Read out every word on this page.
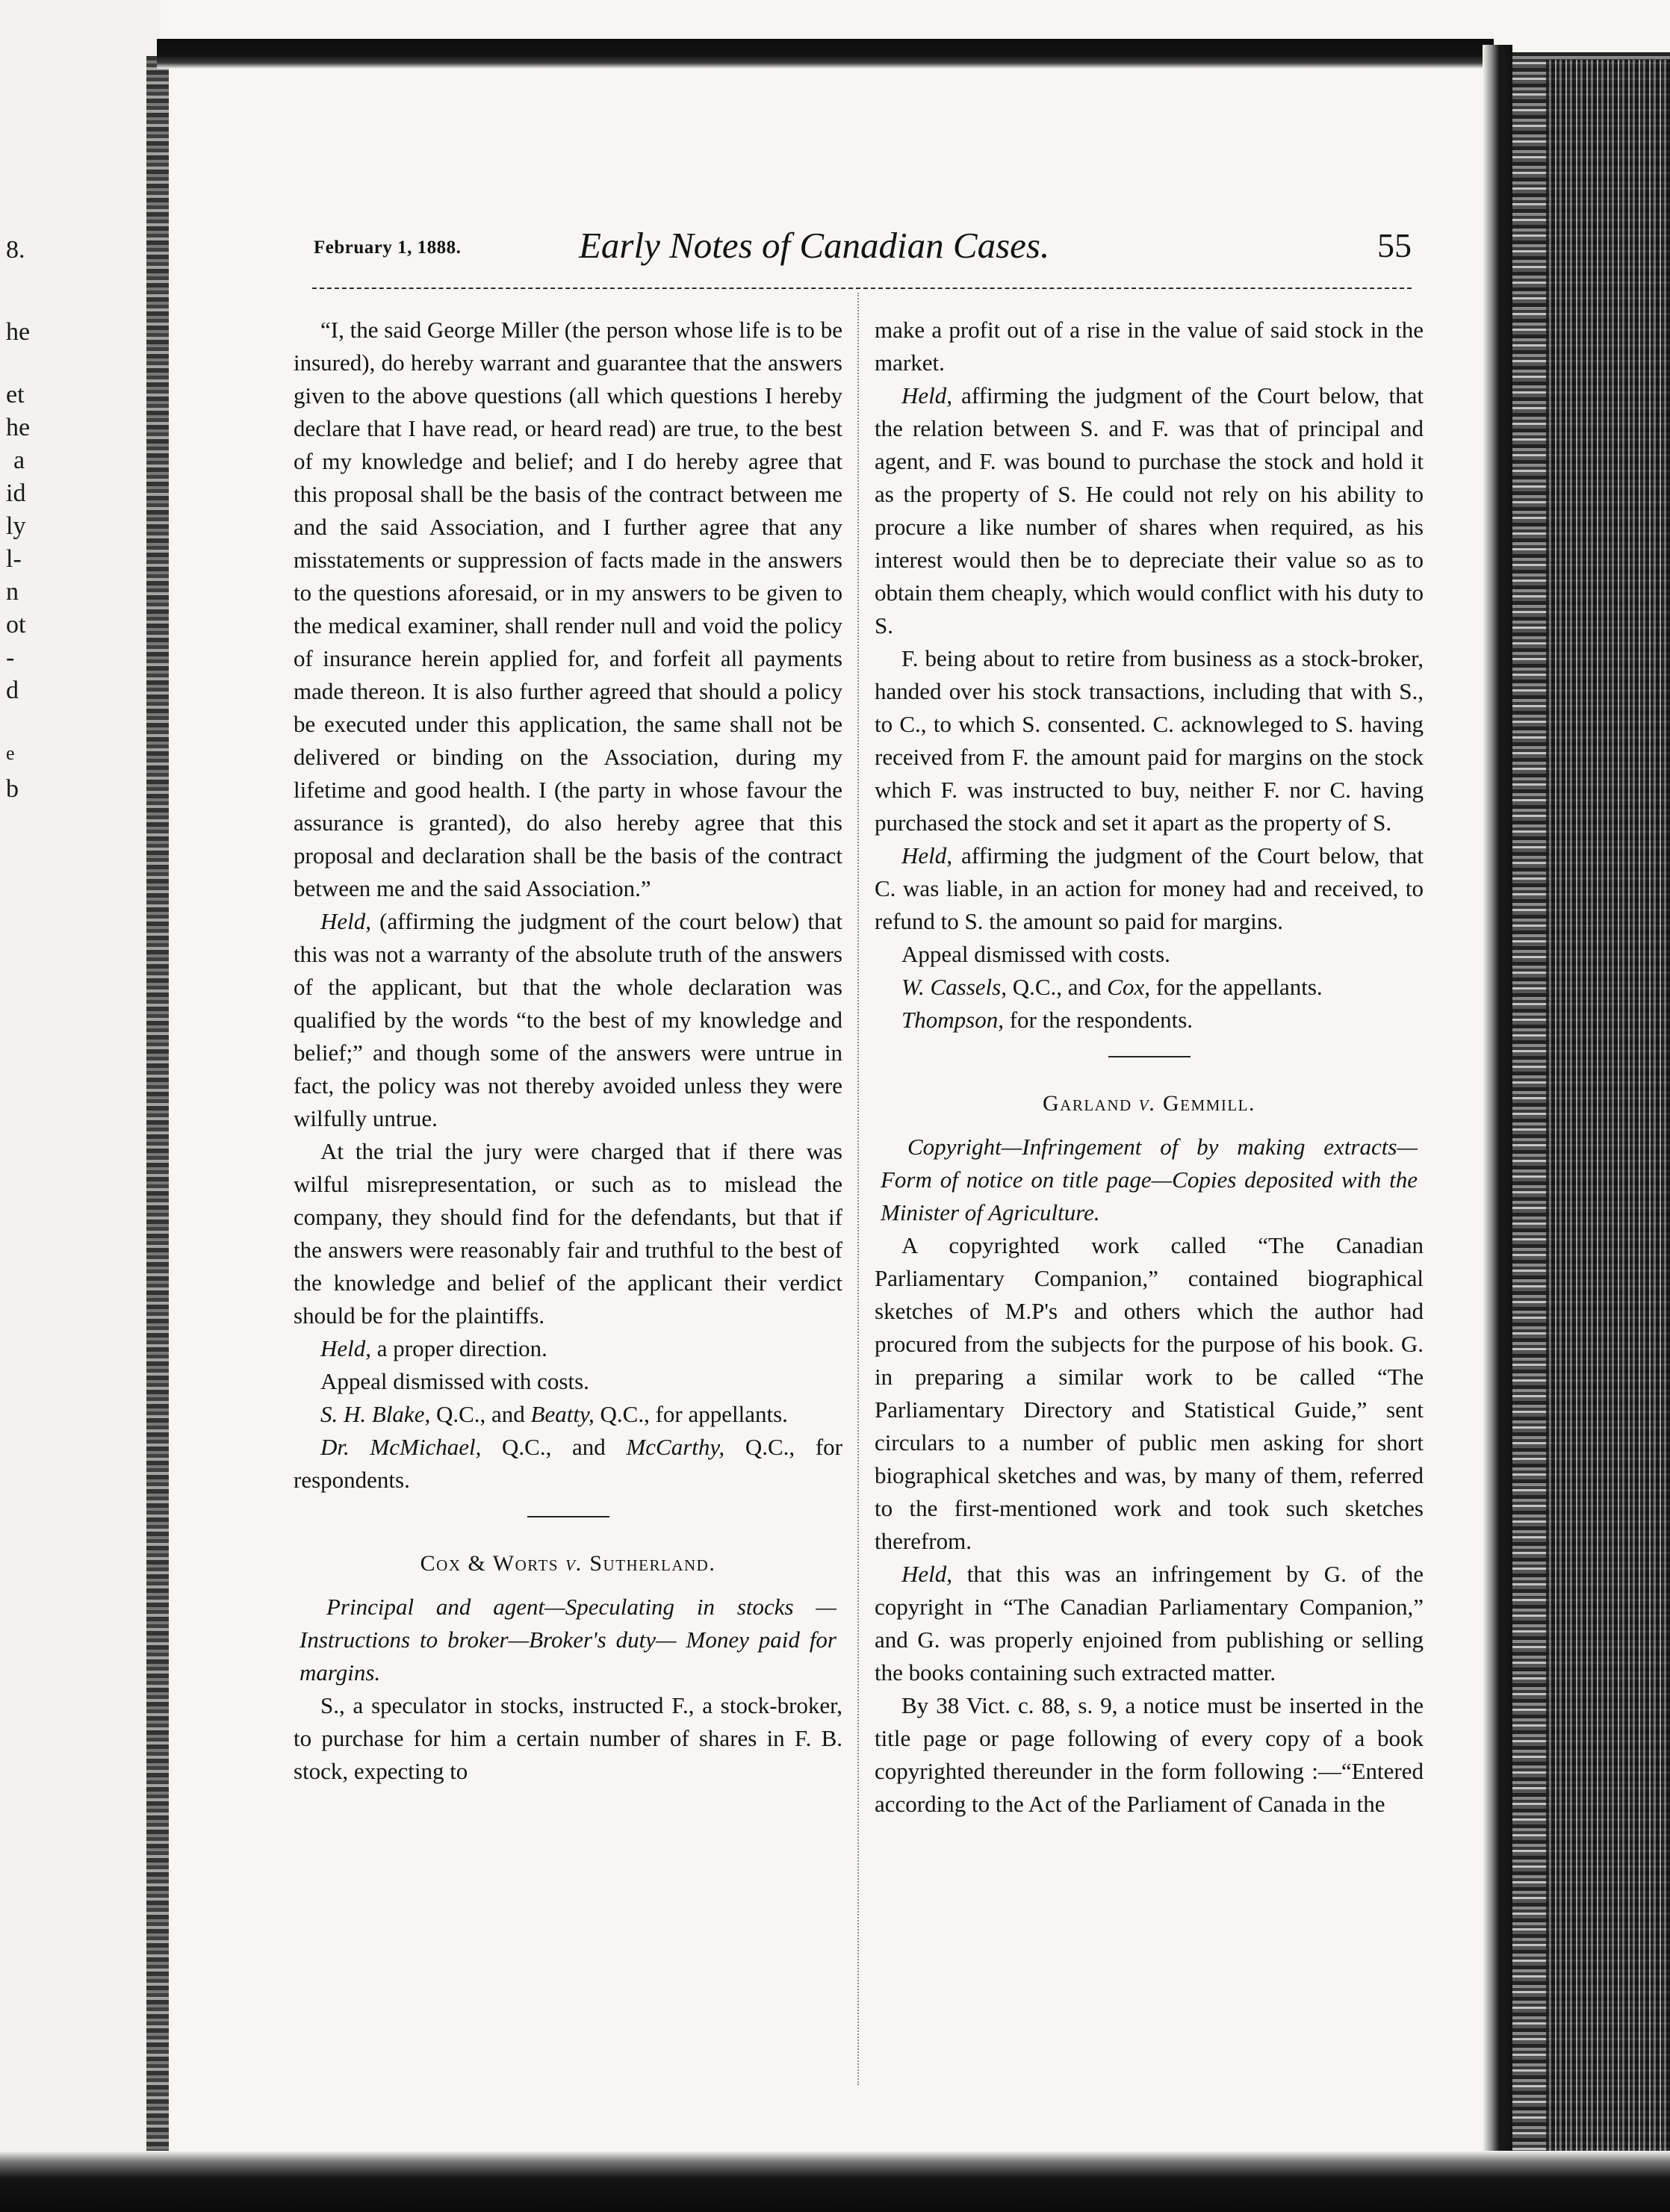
8.
he
et
he
a
id
ly
l-
n
ot
-
d
e
b
February 1, 1888.	Early Notes of Canadian Cases.	55

“I, the said George Miller (the person whose life is to be insured), do hereby warrant and guarantee that the answers given to the above questions (all which questions I hereby declare that I have read, or heard read) are true, to the best of my knowledge and belief; and I do hereby agree that this proposal shall be the basis of the contract between me and the said Association, and I further agree that any misstatements or suppression of facts made in the answers to the questions aforesaid, or in my answers to be given to the medical examiner, shall render null and void the policy of insurance herein applied for, and forfeit all payments made thereon. It is also further agreed that should a policy be executed under this application, the same shall not be delivered or binding on the Association, during my lifetime and good health. I (the party in whose favour the assurance is granted), do also hereby agree that this proposal and declaration shall be the basis of the contract between me and the said Association.”

Held, (affirming the judgment of the court below) that this was not a warranty of the absolute truth of the answers of the applicant, but that the whole declaration was qualified by the words “to the best of my knowledge and belief;” and though some of the answers were untrue in fact, the policy was not thereby avoided unless they were wilfully untrue.

At the trial the jury were charged that if there was wilful misrepresentation, or such as to mislead the company, they should find for the defendants, but that if the answers were reasonably fair and truthful to the best of the knowledge and belief of the applicant their verdict should be for the plaintiffs.

Held, a proper direction.

Appeal dismissed with costs.

S. H. Blake, Q.C., and Beatty, Q.C., for appellants.

Dr. McMichael, Q.C., and McCarthy, Q.C., for respondents.

Cox & Worts v. Sutherland.

Principal and agent—Speculating in stocks —Instructions to broker—Broker's duty— Money paid for margins.

S., a speculator in stocks, instructed F., a stock-broker, to purchase for him a certain number of shares in F. B. stock, expecting to

make a profit out of a rise in the value of said stock in the market.

Held, affirming the judgment of the Court below, that the relation between S. and F. was that of principal and agent, and F. was bound to purchase the stock and hold it as the property of S. He could not rely on his ability to procure a like number of shares when required, as his interest would then be to depreciate their value so as to obtain them cheaply, which would conflict with his duty to S.

F. being about to retire from business as a stock-broker, handed over his stock transactions, including that with S., to C., to which S. consented. C. acknowleged to S. having received from F. the amount paid for margins on the stock which F. was instructed to buy, neither F. nor C. having purchased the stock and set it apart as the property of S.

Held, affirming the judgment of the Court below, that C. was liable, in an action for money had and received, to refund to S. the amount so paid for margins.

Appeal dismissed with costs.

W. Cassels, Q.C., and Cox, for the appellants.

Thompson, for the respondents.

Garland v. Gemmill.

Copyright—Infringement of by making extracts—Form of notice on title page—Copies deposited with the Minister of Agriculture.

A copyrighted work called “The Canadian Parliamentary Companion,” contained biographical sketches of M.P's and others which the author had procured from the subjects for the purpose of his book. G. in preparing a similar work to be called “The Parliamentary Directory and Statistical Guide,” sent circulars to a number of public men asking for short biographical sketches and was, by many of them, referred to the first-mentioned work and took such sketches therefrom.

Held, that this was an infringement by G. of the copyright in “The Canadian Parliamentary Companion,” and G. was properly enjoined from publishing or selling the books containing such extracted matter.

By 38 Vict. c. 88, s. 9, a notice must be inserted in the title page or page following of every copy of a book copyrighted thereunder in the form following :—“Entered according to the Act of the Parliament of Canada in the
